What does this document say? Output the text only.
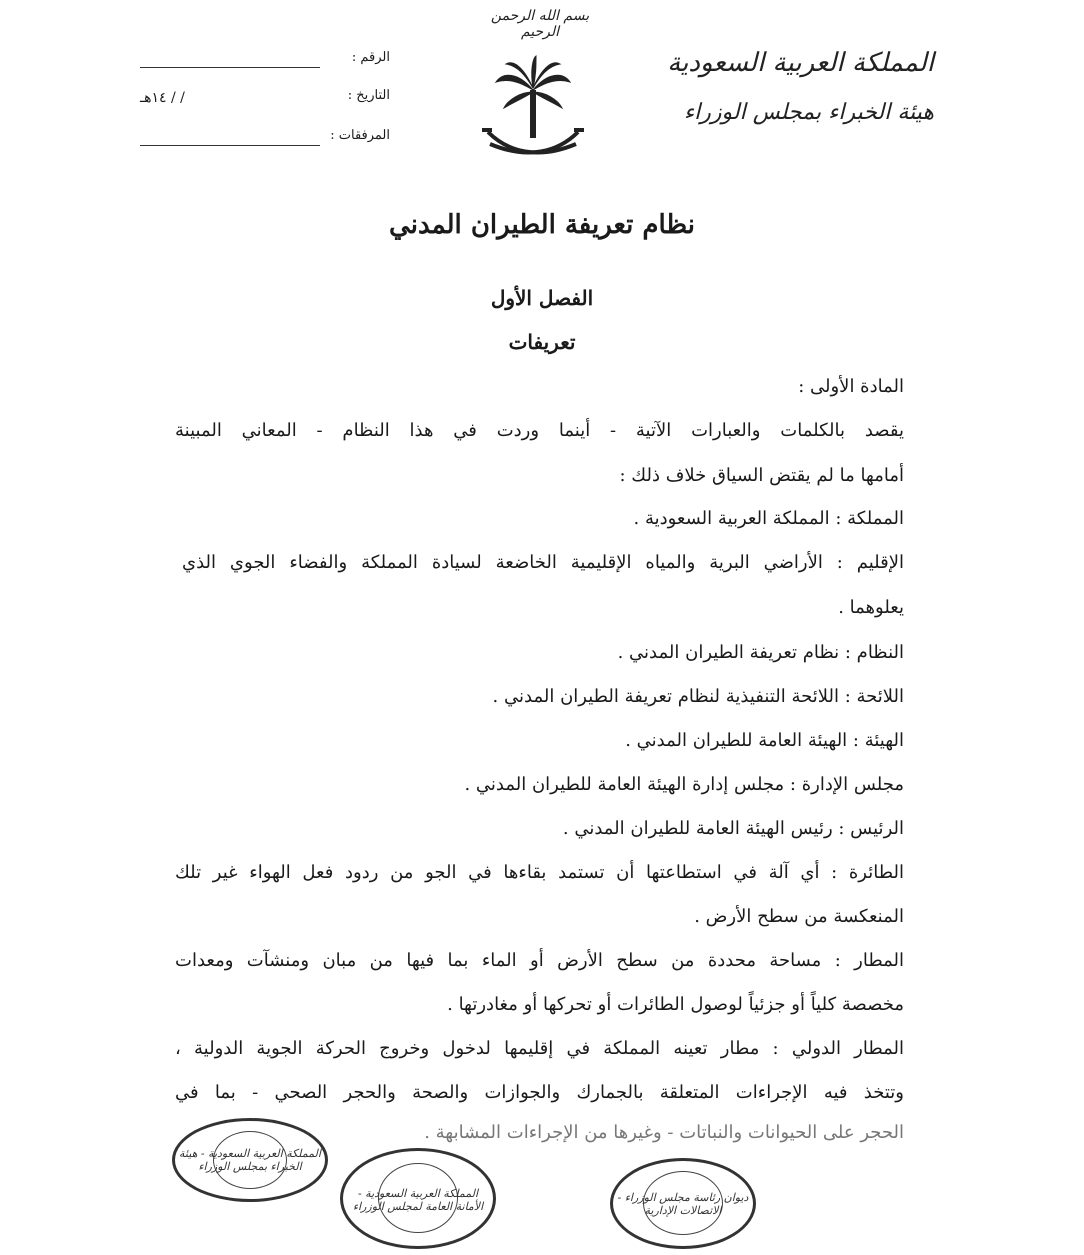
بسم الله الرحمن الرحيم
المملكة العربية السعودية
هيئة الخبراء بمجلس الوزراء
الرقم :
التاريخ :
/ / ١٤هـ
المرفقات :
نظام تعريفة الطيران المدني
الفصل الأول
تعريفات
المادة الأولى :
يقصد بالكلمات والعبارات الآتية - أينما وردت في هذا النظام - المعاني المبينة
أمامها ما لم يقتض السياق خلاف ذلك :
المملكة : المملكة العربية السعودية .
الإقليم : الأراضي البرية والمياه الإقليمية الخاضعة لسيادة المملكة والفضاء الجوي الذي
يعلوهما .
النظام : نظام تعريفة الطيران المدني .
اللائحة : اللائحة التنفيذية لنظام تعريفة الطيران المدني .
الهيئة : الهيئة العامة للطيران المدني .
مجلس الإدارة : مجلس إدارة الهيئة العامة للطيران المدني .
الرئيس : رئيس الهيئة العامة للطيران المدني .
الطائرة : أي آلة في استطاعتها أن تستمد بقاءها في الجو من ردود فعل الهواء غير تلك
المنعكسة من سطح الأرض .
المطار : مساحة محددة من سطح الأرض أو الماء بما فيها من مبان ومنشآت ومعدات
مخصصة كلياً أو جزئياً لوصول الطائرات أو تحركها أو مغادرتها .
المطار الدولي : مطار تعينه المملكة في إقليمها لدخول وخروج الحركة الجوية الدولية ،
وتتخذ فيه الإجراءات المتعلقة بالجمارك والجوازات والصحة والحجر الصحي - بما في
الحجر على الحيوانات والنباتات - وغيرها من الإجراءات المشابهة .
المملكة العربية السعودية - هيئة الخبراء بمجلس الوزراء
المملكة العربية السعودية - الأمانة العامة لمجلس الوزراء
ديوان رئاسة مجلس الوزراء - الاتصالات الإدارية
